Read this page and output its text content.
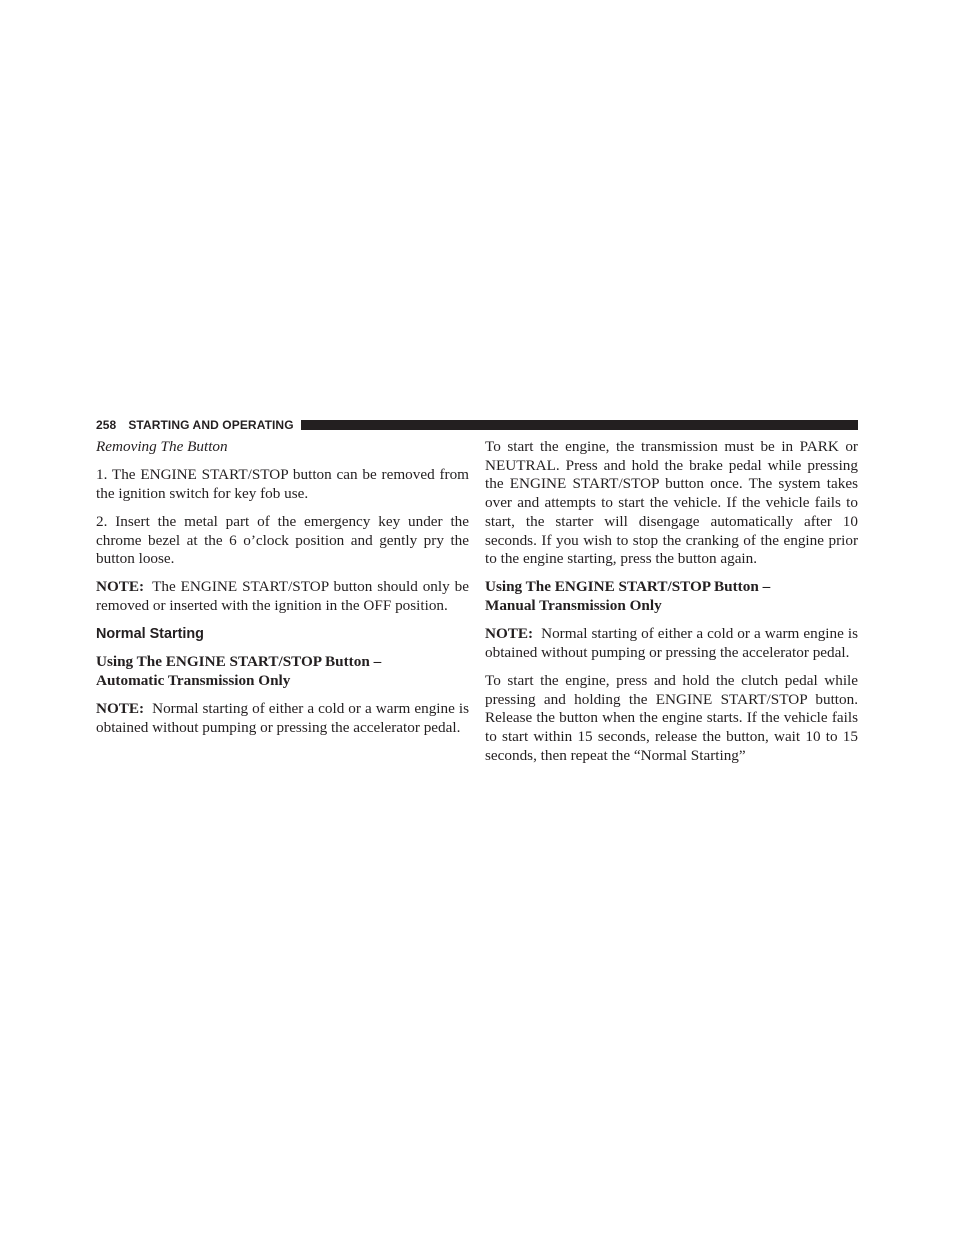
258 STARTING AND OPERATING
Removing The Button

1. The ENGINE START/STOP button can be removed from the ignition switch for key fob use.

2. Insert the metal part of the emergency key under the chrome bezel at the 6 o’clock position and gently pry the button loose.

NOTE: The ENGINE START/STOP button should only be removed or inserted with the ignition in the OFF position.

Normal Starting
Using The ENGINE START/STOP Button –
Automatic Transmission Only

NOTE: Normal starting of either a cold or a warm engine is obtained without pumping or pressing the accelerator pedal.

To start the engine, the transmission must be in PARK or NEUTRAL. Press and hold the brake pedal while pressing the ENGINE START/STOP button once. The system takes over and attempts to start the vehicle. If the vehicle fails to start, the starter will disengage automatically after 10 seconds. If you wish to stop the cranking of the engine prior to the engine starting, press the button again.

Using The ENGINE START/STOP Button –
Manual Transmission Only

NOTE: Normal starting of either a cold or a warm engine is obtained without pumping or pressing the accelerator pedal.

To start the engine, press and hold the clutch pedal while pressing and holding the ENGINE START/STOP button. Release the button when the engine starts. If the vehicle fails to start within 15 seconds, release the button, wait 10 to 15 seconds, then repeat the “Normal Starting”
